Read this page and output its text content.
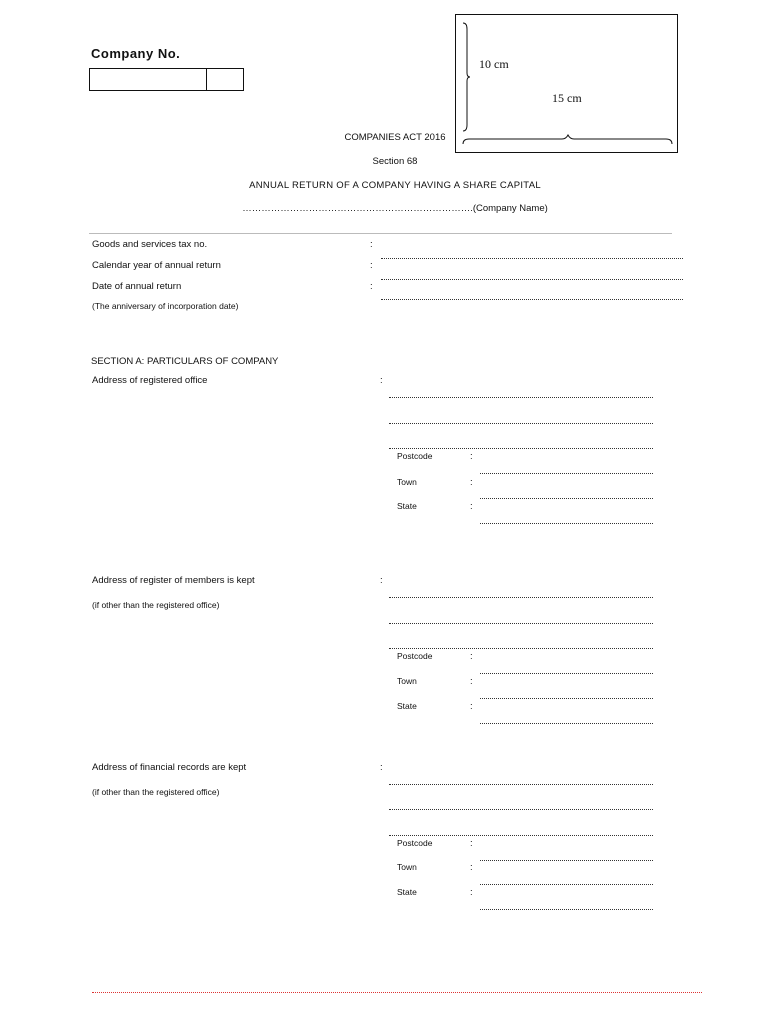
Company No.
10 cm
15 cm
COMPANIES ACT 2016
Section 68
ANNUAL RETURN OF A COMPANY HAVING A SHARE CAPITAL
……………………………………………………………….(Company Name)
Goods and services tax no.	:
Calendar year of annual return	:
Date of annual return	:
(The anniversary of incorporation date)
SECTION A: PARTICULARS OF COMPANY
Address of registered office	:
Postcode	:
Town	:
State	:
Address of register of members is kept	:
(if other than the registered office)
Postcode	:
Town	:
State	:
Address of financial records are kept	:
(if other than the registered office)
Postcode	:
Town	:
State	:
